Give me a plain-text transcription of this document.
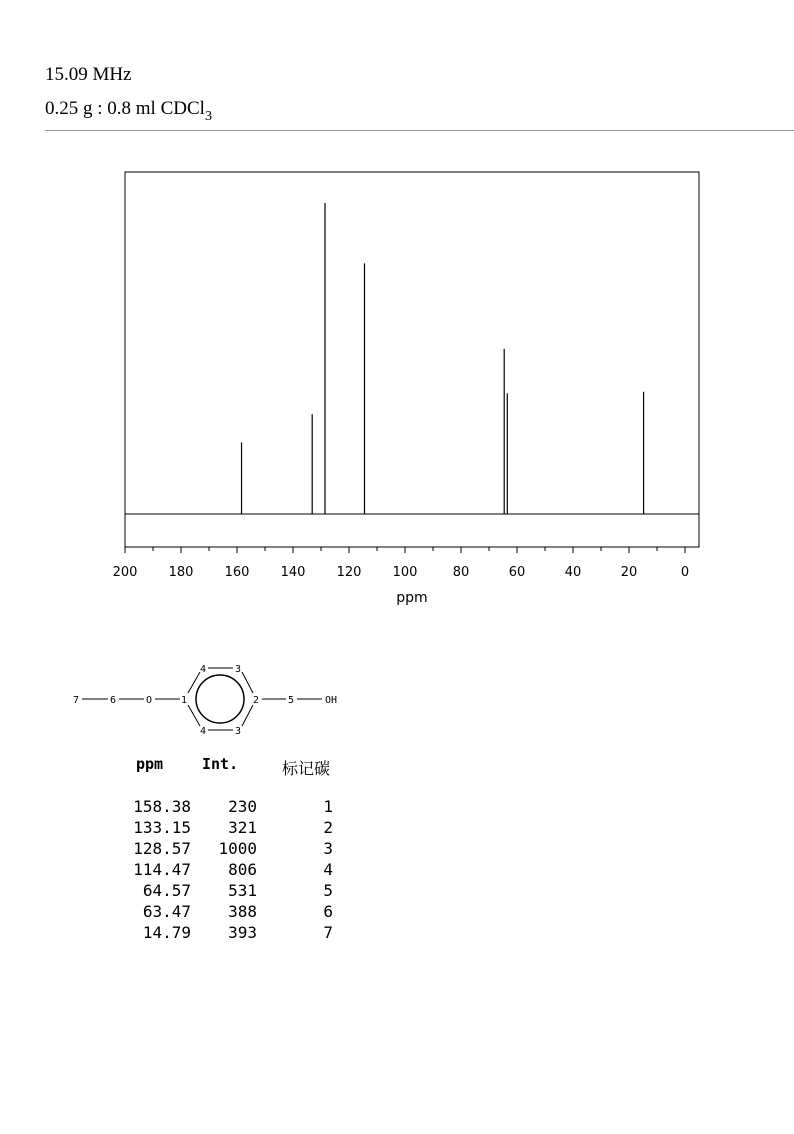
15.09 MHz
0.25 g : 0.8 ml CDCl$_3$
200 180 160 140 120 100	80	60	40	20	0
ppm
7	6	O	1
4	3
2
3
4
5	OH
ppm	Int.	标记碳
158.38 230	1
133.15 321	2
128.57 1000	3
114.47 806	4
64.57 531	5
63.47 388	6
14.79 393	7
